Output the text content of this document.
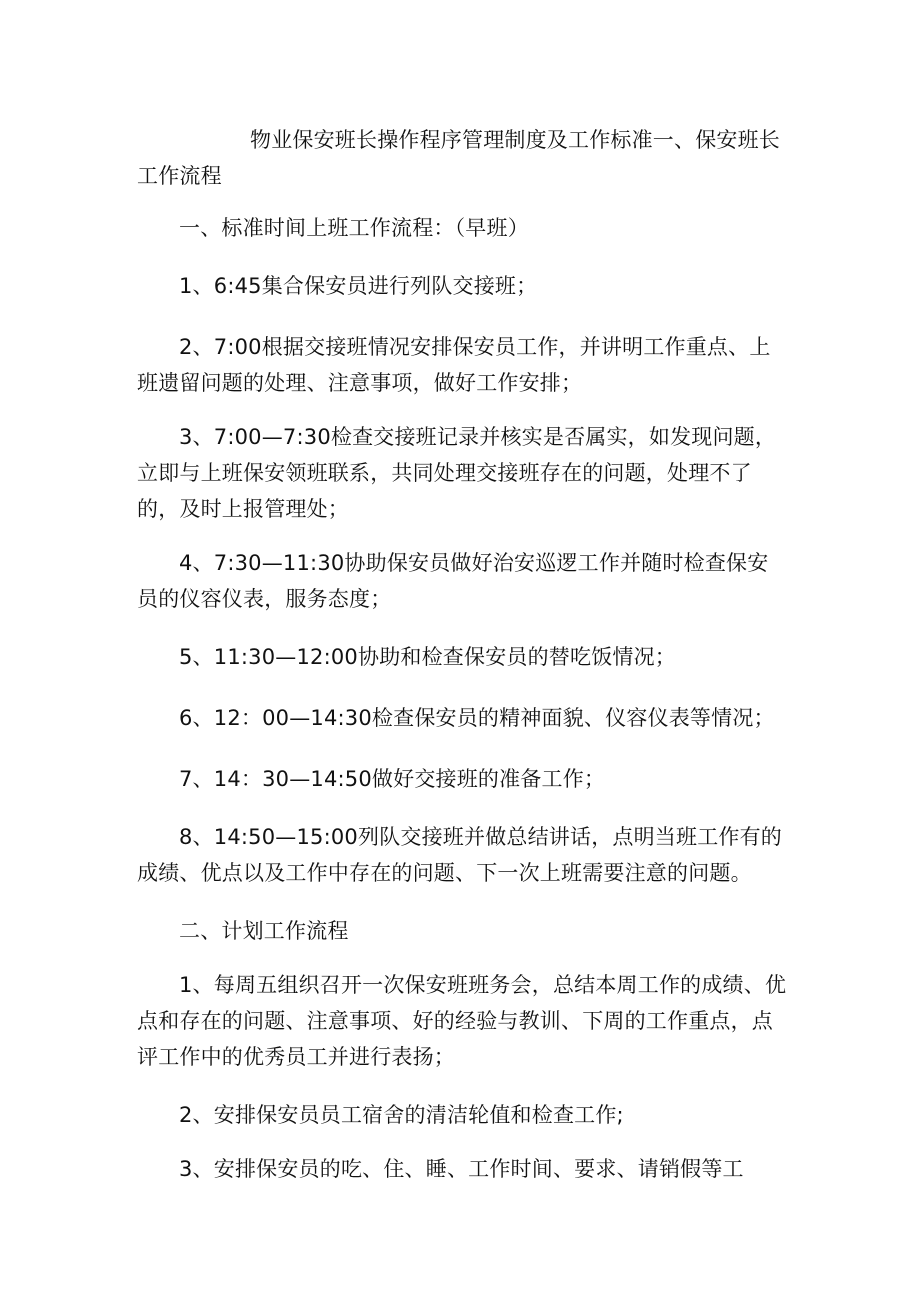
物业保安班长操作程序管理制度及工作标准一、保安班长工作流程

一、标准时间上班工作流程：（早班）

1、6:45集合保安员进行列队交接班；

2、7:00根据交接班情况安排保安员工作，并讲明工作重点、上班遗留问题的处理、注意事项，做好工作安排；

3、7:00—7:30检查交接班记录并核实是否属实，如发现问题，立即与上班保安领班联系，共同处理交接班存在的问题，处理不了的，及时上报管理处；

4、7:30—11:30协助保安员做好治安巡逻工作并随时检查保安员的仪容仪表，服务态度；

5、11:30—12:00协助和检查保安员的替吃饭情况；

6、12：00—14:30检查保安员的精神面貌、仪容仪表等情况；

7、14：30—14:50做好交接班的准备工作；

8、14:50—15:00列队交接班并做总结讲话，点明当班工作有的成绩、优点以及工作中存在的问题、下一次上班需要注意的问题。

二、计划工作流程

1、每周五组织召开一次保安班班务会，总结本周工作的成绩、优点和存在的问题、注意事项、好的经验与教训、下周的工作重点，点评工作中的优秀员工并进行表扬；

2、安排保安员员工宿舍的清洁轮值和检查工作;

3、安排保安员的吃、住、睡、工作时间、要求、请销假等工
